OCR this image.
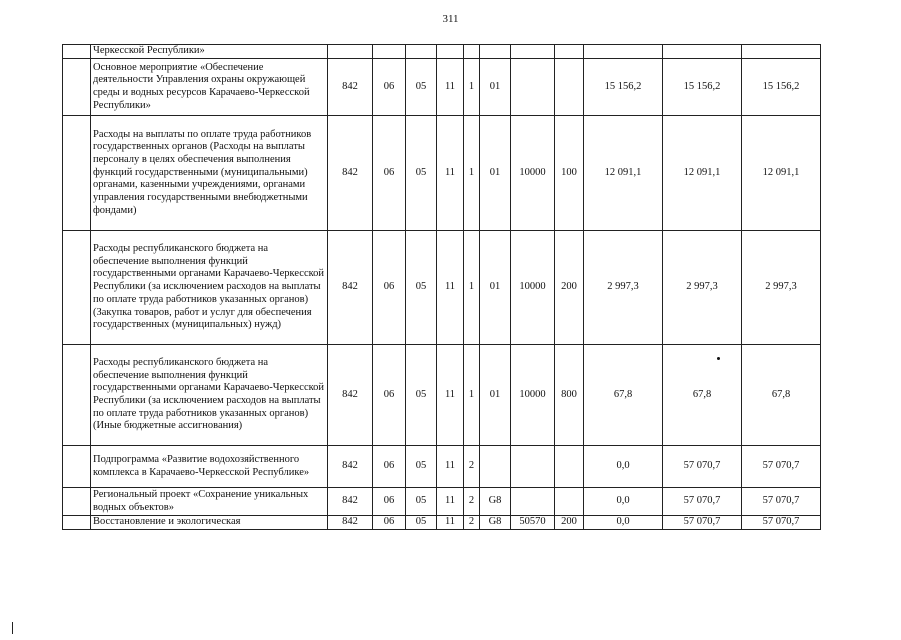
311
	Черкесской Республики»											
	Основное мероприятие «Обеспечение деятельности Управления охраны окружающей среды и водных ресурсов Карачаево-Черкесской Республики»	842	06	05	11	1	01			15 156,2	15 156,2	15 156,2
	Расходы на выплаты по оплате труда работников государственных органов (Расходы на выплаты персоналу в целях обеспечения выполнения функций государственными (муниципальными) органами, казенными учреждениями, органами управления государственными внебюджетными фондами)	842	06	05	11	1	01	10000	100	12 091,1	12 091,1	12 091,1
	Расходы республиканского бюджета на обеспечение выполнения функций государственными органами Карачаево-Черкесской Республики (за исключением расходов на выплаты по оплате труда работников указанных органов) (Закупка товаров, работ и услуг для обеспечения государственных (муниципальных) нужд)	842	06	05	11	1	01	10000	200	2 997,3	2 997,3	2 997,3
	Расходы республиканского бюджета на обеспечение выполнения функций государственными органами Карачаево-Черкесской Республики (за исключением расходов на выплаты по оплате труда работников указанных органов) (Иные бюджетные ассигнования)	842	06	05	11	1	01	10000	800	67,8	67,8	67,8
	Подпрограмма «Развитие водохозяйственного комплекса в Карачаево-Черкесской Республике»	842	06	05	11	2				0,0	57 070,7	57 070,7
	Региональный проект «Сохранение уникальных водных объектов»	842	06	05	11	2	G8			0,0	57 070,7	57 070,7
	Восстановление и экологическая	842	06	05	11	2	G8	50570	200	0,0	57 070,7	57 070,7
